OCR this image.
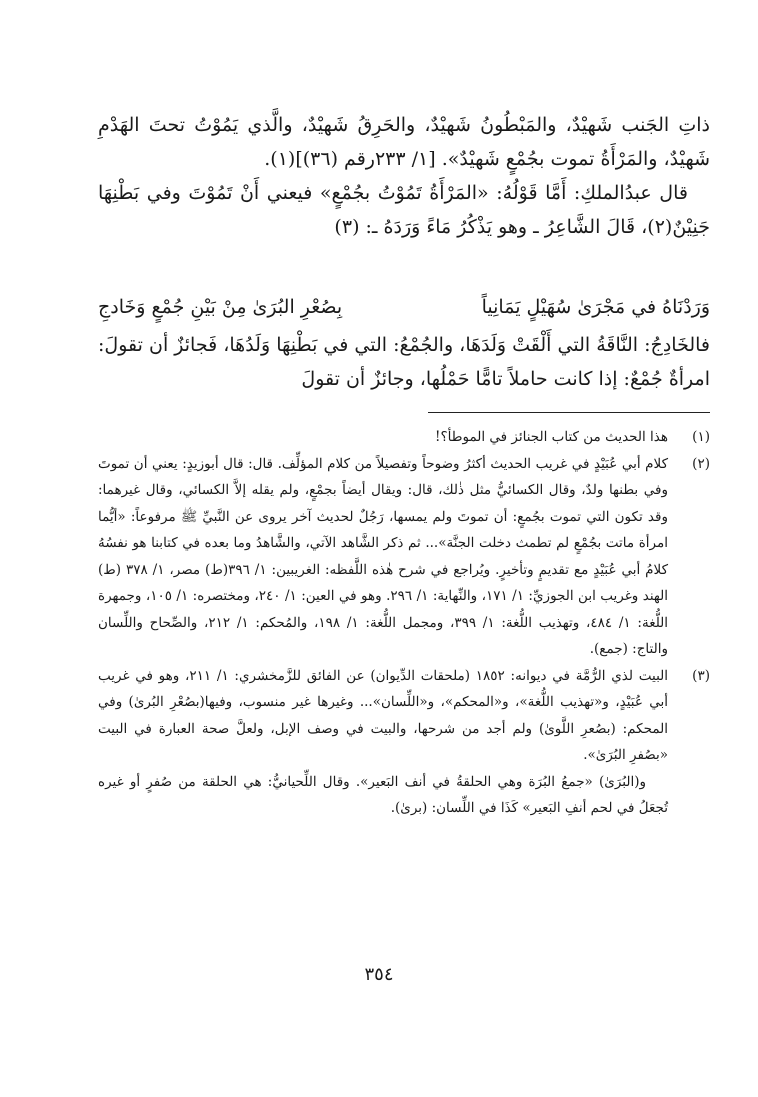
ذاتِ الجَنب شَهيْدٌ، والمَبْطُونُ شَهيْدٌ، والحَرِقُ شَهيْدٌ، والَّذي يَمُوْتُ تحتَ الهَدْمِ شَهيْدٌ، والمَرْأَةُ تموت بجُمْعٍ شَهيْدٌ». [١/ ٢٣٣رقم (٣٦)](١).

قال عبدُالملكِ: أَمَّا قَوْلُهُ: «المَرْأَةُ تَمُوْتُ بجُمْعٍ» فيعني أَنْ تَمُوْتَ وفي بَطْنِهَا جَنِيْنٌ(٢)، قَالَ الشَّاعِرُ ـ وهو يَذْكُرُ مَاءً وَرَدَهُ ـ: (٣)

وَرَدْنَاهُ في مَجْرَىٰ سُهَيْلٍ يَمَانِياً
بِصُعْرِ البُرَىٰ مِنْ بَيْنِ جُمْعٍ وَخَادجِ

فالخَادِجُ: النَّاقَةُ التي أَلْقَتْ وَلَدَهَا، والجُمْعُ: التي في بَطْنِهَا وَلَدُهَا، فَجائزٌ أن تقولَ: امرأةٌ جُمْعٌ: إذا كانت حاملاً تامًّا حَمْلُها، وجائزٌ أن تقولَ

(١)

هذا الحديث من كتاب الجنائز في الموطأ؟!

(٢)

كلام أبي عُبَيْدٍ في غريب الحديث أكثرُ وضوحاً وتفصيلاً من كلام المؤلِّف. قال: قال أبوزيدٍ: يعني أن تموتَ وفي بطنها ولدٌ، وقال الكسائيُّ مثل ذٰلك، قال: ويقال أيضاً بجمْعٍ، ولم يقله إلاَّ الكسائي، وقال غيرهما: وقد تكون التي تموت بجُمعٍ: أن تموتَ ولم يمسها، رَجُلٌ لحديث آخر يروى عن النَّبيِّ ﷺ مرفوعاً: «أيُّما امرأة ماتت بجُمْعٍ لم تطمث دخلت الجنَّة»... ثم ذكر الشَّاهد الآتي، والشَّاهدُ وما بعده في كتابنا هو نفسُهُ كلامُ أبي عُبَيْدٍ مع تقديمٍ وتأخيرٍ. ويُراجع في شرح هٰذه اللَّفظه: الغريبين: ١/ ٣٩٦(ط) مصر، ١/ ٣٧٨ (ط) الهند وغريب ابن الجوزيِّ: ١/ ١٧١، والنِّهاية: ١/ ٢٩٦. وهو في العين: ١/ ٢٤٠، ومختصره: ١/ ١٠٥، وجمهرة اللُّغة: ١/ ٤٨٤، وتهذيب اللُّغة: ١/ ٣٩٩، ومجمل اللُّغة: ١/ ١٩٨، والمُحكم: ١/ ٢١٢، والصِّحاح واللِّسان والتاج: (جمع).

(٣)

البيت لذي الرُّمَّة في ديوانه: ١٨٥٢ (ملحقات الدِّيوان) عن الفائق للزَّمخشري: ١/ ٢١١، وهو في غريب أبي عُبَيْدٍ، و«تهذيب اللُّغة»، و«المحكم»، و«اللِّسان»... وغيرها غير منسوب، وفيها(بصُعْرِ البُرىٰ) وفي المحكم: (بصُعرِ اللَّوىٰ) ولم أجد من شرحها، والبيت في وصف الإبل، ولعلَّ صحة العبارة في البيت «بصُفرِ البُرَىٰ».

و(البُرَىٰ) «جمعُ البُرَة وهي الحلقةُ في أنف البَعير». وقال اللِّحيانيُّ: هي الحلقة من صُفرٍ أو غيره تُجعَلُ في لحم أنفِ البَعير» كَذَا في اللِّسان: (برىٰ).

٣٥٤
